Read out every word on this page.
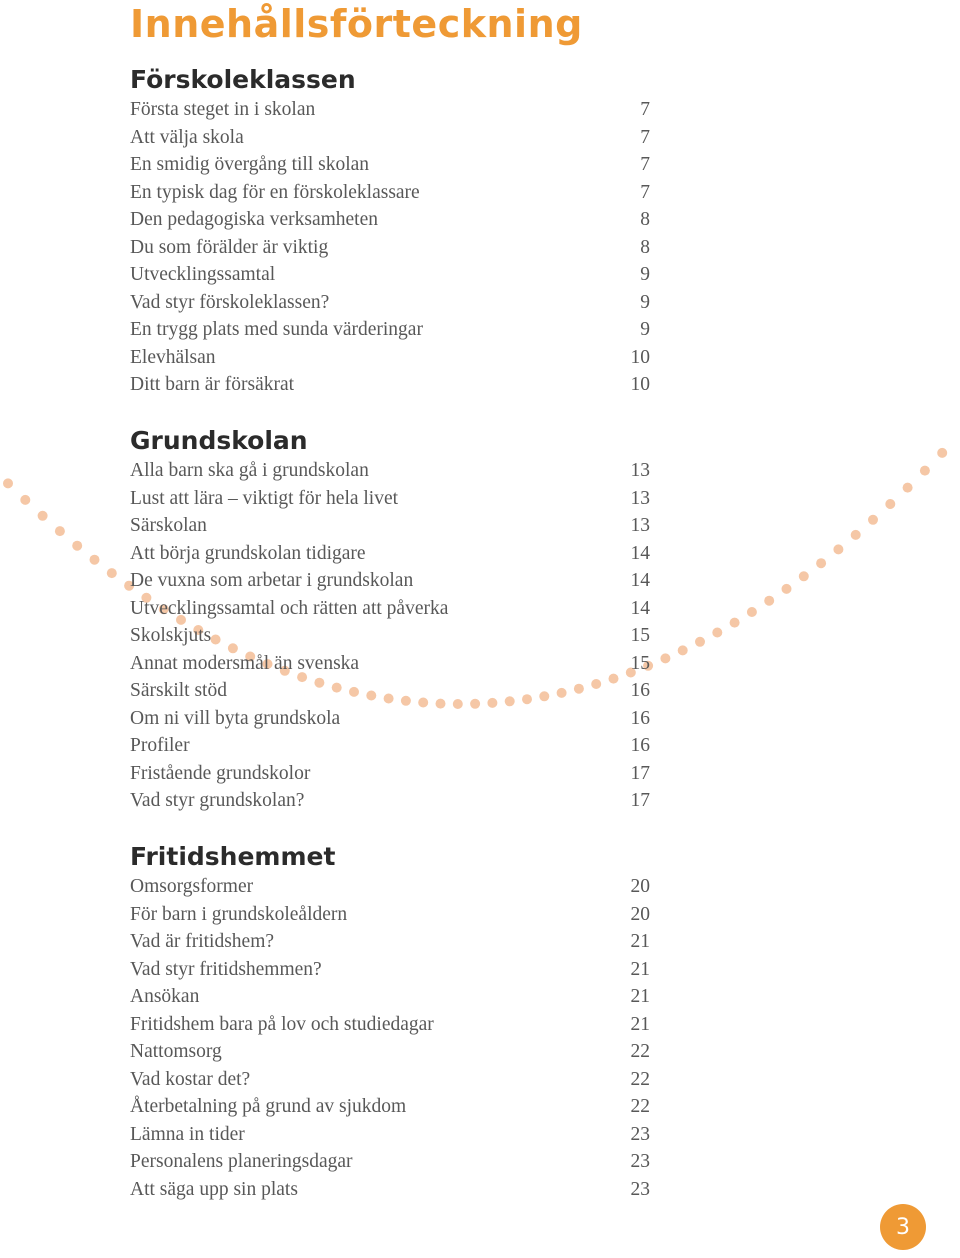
Innehållsförteckning
Förskoleklassen
Första steget in i skolan	7
Att välja skola	7
En smidig övergång till skolan	7
En typisk dag för en förskoleklassare	7
Den pedagogiska verksamheten	8
Du som förälder är viktig	8
Utvecklingssamtal	9
Vad styr förskoleklassen?	9
En trygg plats med sunda värderingar	9
Elevhälsan	10
Ditt barn är försäkrat	10
Grundskolan
Alla barn ska gå i grundskolan	13
Lust att lära – viktigt för hela livet	13
Särskolan	13
Att börja grundskolan tidigare	14
De vuxna som arbetar i grundskolan	14
Utvecklingssamtal och rätten att påverka	14
Skolskjuts	15
Annat modersmål än svenska	15
Särskilt stöd	16
Om ni vill byta grundskola	16
Profiler	16
Fristående grundskolor	17
Vad styr grundskolan?	17
Fritidshemmet
Omsorgsformer	20
För barn i grundskoleåldern	20
Vad är fritidshem?	21
Vad styr fritidshemmen?	21
Ansökan	21
Fritidshem bara på lov och studiedagar	21
Nattomsorg	22
Vad kostar det?	22
Återbetalning på grund av sjukdom	22
Lämna in tider	23
Personalens planeringsdagar	23
Att säga upp sin plats	23
3
